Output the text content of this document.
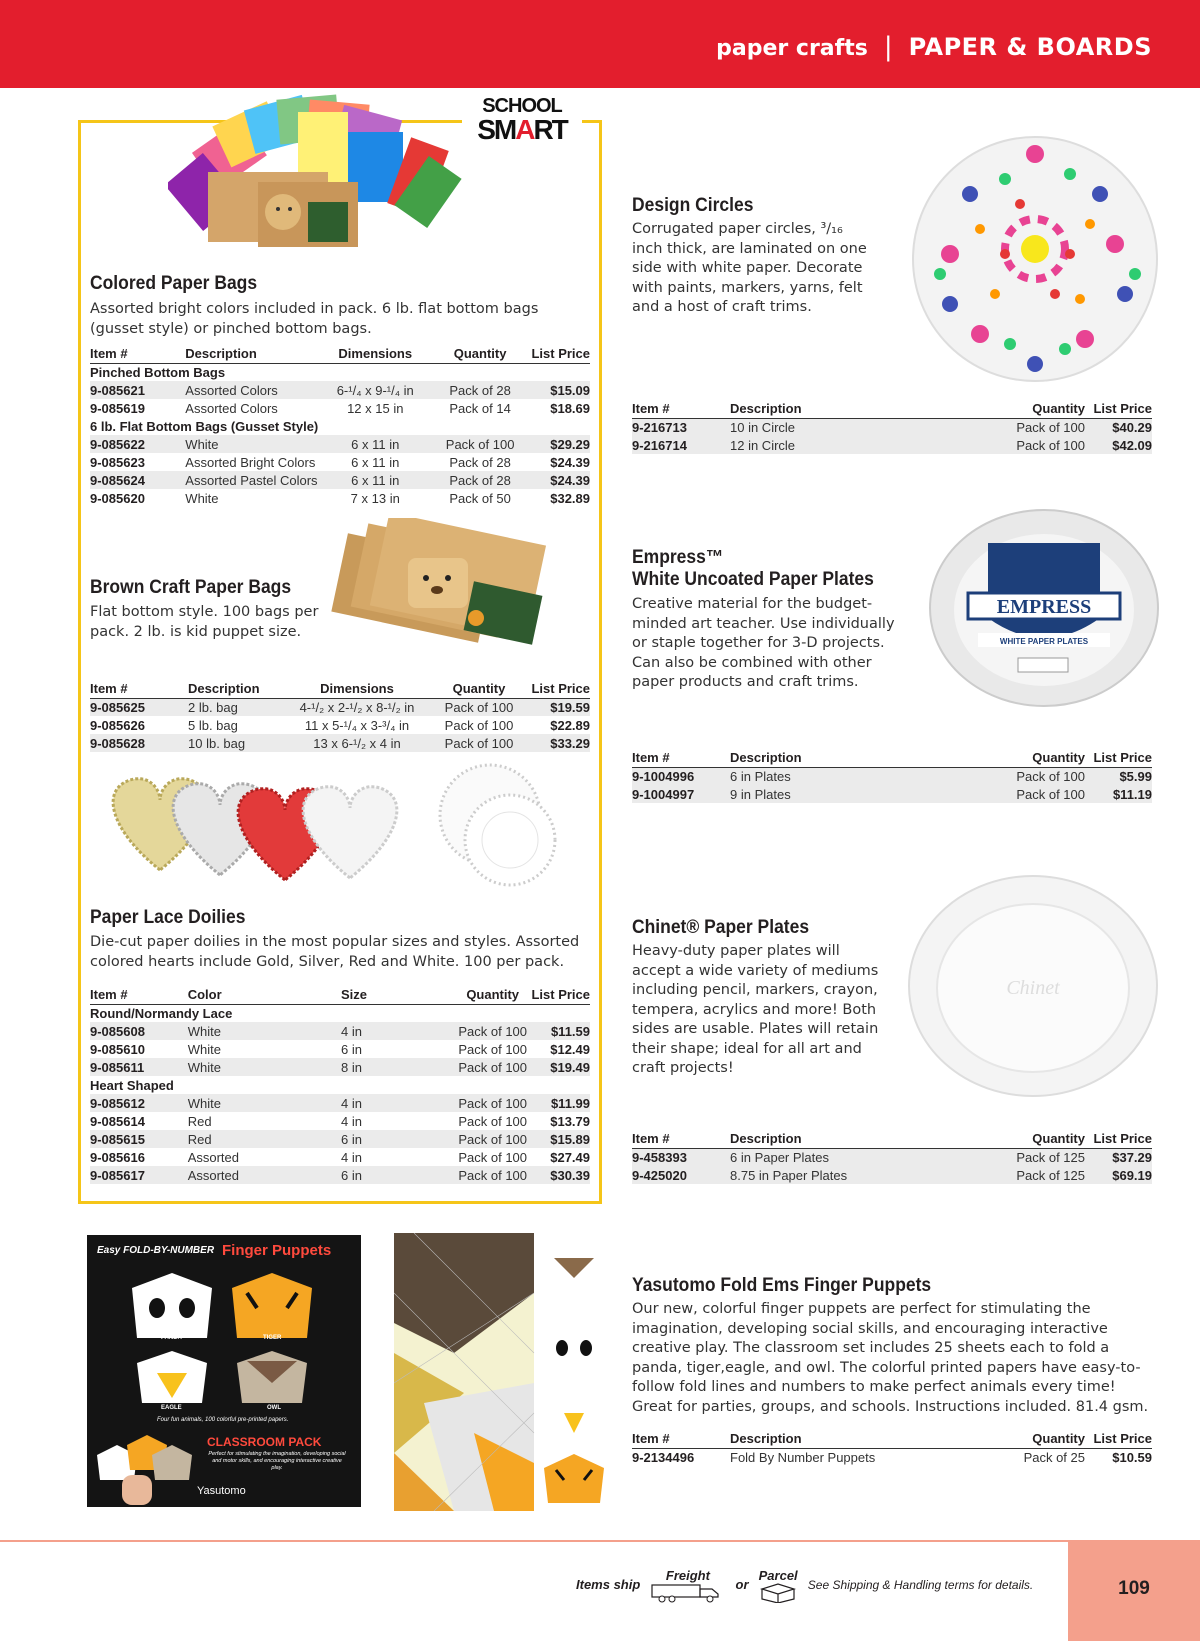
paper crafts | PAPER & BOARDS
SCHOOL
SMART
Colored Paper Bags
Assorted bright colors included in pack. 6 lb. flat bottom bags (gusset style) or pinched bottom bags.
Item #	Description	Dimensions	Quantity	List Price
Pinched Bottom Bags				
9-085621	Assorted Colors	6-¹/₄ x 9-¹/₄ in	Pack of 28	$15.09
9-085619	Assorted Colors	12 x 15 in	Pack of 14	$18.69
6 lb. Flat Bottom Bags (Gusset Style)				
9-085622	White	6 x 11 in	Pack of 100	$29.29
9-085623	Assorted Bright Colors	6 x 11 in	Pack of 28	$24.39
9-085624	Assorted Pastel Colors	6 x 11 in	Pack of 28	$24.39
9-085620	White	7 x 13 in	Pack of 50	$32.89
Brown Craft Paper Bags
Flat bottom style. 100 bags per pack. 2 lb. is kid puppet size.
Item #	Description	Dimensions	Quantity	List Price
9-085625	2 lb. bag	4-¹/₂ x 2-¹/₂ x 8-¹/₂ in	Pack of 100	$19.59
9-085626	5 lb. bag	11 x 5-¹/₄ x 3-³/₄ in	Pack of 100	$22.89
9-085628	10 lb. bag	13 x 6-¹/₂ x 4 in	Pack of 100	$33.29
Paper Lace Doilies
Die-cut paper doilies in the most popular sizes and styles. Assorted colored hearts include Gold, Silver, Red and White. 100 per pack.
Item #	Color	Size	Quantity	List Price
Round/Normandy Lace				
9-085608	White	4 in	Pack of 100	$11.59
9-085610	White	6 in	Pack of 100	$12.49
9-085611	White	8 in	Pack of 100	$19.49
Heart Shaped				
9-085612	White	4 in	Pack of 100	$11.99
9-085614	Red	4 in	Pack of 100	$13.79
9-085615	Red	6 in	Pack of 100	$15.89
9-085616	Assorted	4 in	Pack of 100	$27.49
9-085617	Assorted	6 in	Pack of 100	$30.39
Design Circles
Corrugated paper circles, ³/₁₆ inch thick, are laminated on one side with white paper. Decorate with paints, markers, yarns, felt and a host of craft trims.
Item #	Description	Quantity	List Price
9-216713	10 in Circle	Pack of 100	$40.29
9-216714	12 in Circle	Pack of 100	$42.09
EMPRESS
WHITE PAPER PLATES
Empress™
White Uncoated Paper Plates
Creative material for the budget-minded art teacher. Use individually or staple together for 3-D projects. Can also be combined with other paper products and craft trims.
Item #	Description	Quantity	List Price
9-1004996	6 in Plates	Pack of 100	$5.99
9-1004997	9 in Plates	Pack of 100	$11.19
Chinet
Chinet® Paper Plates
Heavy-duty paper plates will accept a wide variety of mediums including pencil, markers, crayon, tempera, acrylics and more! Both sides are usable. Plates will retain their shape; ideal for all art and craft projects!
Item #	Description	Quantity	List Price
9-458393	6 in Paper Plates	Pack of 125	$37.29
9-425020	8.75 in Paper Plates	Pack of 125	$69.19
Easy FOLD-BY-NUMBER Finger Puppets
PANDA	TIGER
EAGLE	OWL
Four fun animals, 100 colorful pre-printed papers.
CLASSROOM PACK
Perfect for stimulating the imagination, developing social and motor skills, and encouraging interactive creative play.
Yasutomo
Yasutomo Fold Ems Finger Puppets
Our new, colorful finger puppets are perfect for stimulating the imagination, developing social skills, and encouraging interactive creative play. The classroom set includes 25 sheets each to fold a panda, tiger,eagle, and owl. The colorful printed papers have easy-to-follow fold lines and numbers to make perfect animals every time! Great for parties, groups, and schools. Instructions included. 81.4 gsm.
Item #	Description	Quantity	List Price
9-2134496	Fold By Number Puppets	Pack of 25	$10.59
Items ship Freight
or Parcel
See Shipping & Handling terms for details.	109
